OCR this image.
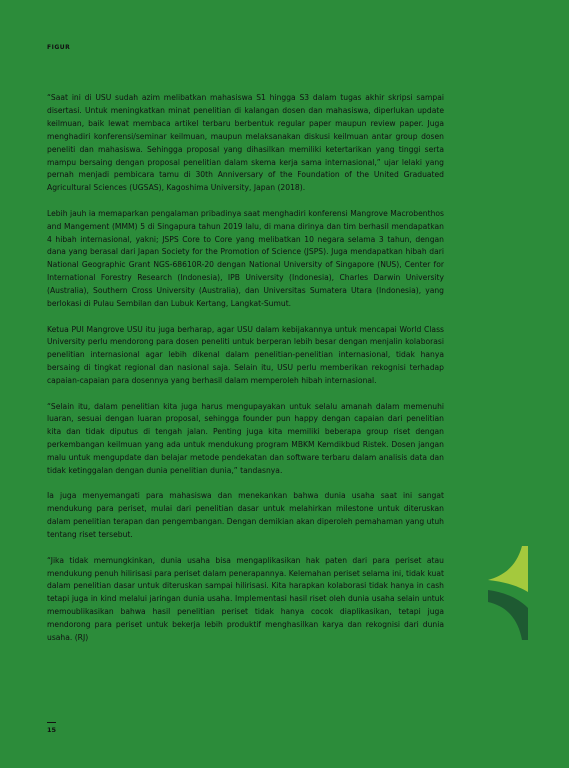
FIGUR

“Saat ini di USU sudah azim melibatkan mahasiswa S1 hingga S3 dalam tugas akhir skripsi sampai disertasi. Untuk meningkatkan minat penelitian di kalangan dosen dan mahasiswa, diperlukan update keilmuan, baik lewat membaca artikel terbaru berbentuk regular paper maupun review paper. Juga menghadiri konferensi/seminar keilmuan, maupun melaksanakan diskusi keilmuan antar group dosen peneliti dan mahasiswa. Sehingga proposal yang dihasilkan memiliki ketertarikan yang tinggi serta mampu bersaing dengan proposal penelitian dalam skema kerja sama internasional,” ujar lelaki yang pernah menjadi pembicara tamu di 30th Anniversary of the Foundation of the United Graduated Agricultural Sciences (UGSAS), Kagoshima University, Japan (2018).

Lebih jauh ia memaparkan pengalaman pribadinya saat menghadiri konferensi Mangrove Macrobenthos and Mangement (MMM) 5 di Singapura tahun 2019 lalu, di mana dirinya dan tim berhasil mendapatkan 4 hibah internasional, yakni; JSPS Core to Core yang melibatkan 10 negara selama 3 tahun, dengan dana yang berasal dari Japan Society for the Promotion of Science (JSPS). Juga mendapatkan hibah dari National Geographic Grant NGS-68610R-20 dengan National University of Singapore (NUS), Center for International Forestry Research (Indonesia), IPB University (Indonesia), Charles Darwin University (Australia), Southern Cross University (Australia), dan Universitas Sumatera Utara (Indonesia), yang berlokasi di Pulau Sembilan dan Lubuk Kertang, Langkat-Sumut.

Ketua PUI Mangrove USU itu juga berharap, agar USU dalam kebijakannya untuk mencapai World Class University perlu mendorong para dosen peneliti untuk berperan lebih besar dengan menjalin kolaborasi penelitian internasional agar lebih dikenal dalam penelitian-penelitian internasional, tidak hanya bersaing di tingkat regional dan nasional saja. Selain itu, USU perlu memberikan rekognisi terhadap capaian-capaian para dosennya yang berhasil dalam memperoleh hibah internasional.

“Selain itu, dalam penelitian kita juga harus mengupayakan untuk selalu amanah dalam memenuhi luaran, sesuai dengan luaran proposal, sehingga founder pun happy dengan capaian dari penelitian kita dan tidak diputus di tengah jalan. Penting juga kita memiliki beberapa group riset dengan perkembangan keilmuan yang ada untuk mendukung program MBKM Kemdikbud Ristek. Dosen jangan malu untuk mengupdate dan belajar metode pendekatan dan software terbaru dalam analisis data dan tidak ketinggalan dengan dunia penelitian dunia,” tandasnya.

Ia juga menyemangati para mahasiswa dan menekankan bahwa dunia usaha saat ini sangat mendukung para periset, mulai dari penelitian dasar untuk melahirkan milestone untuk diteruskan dalam penelitian terapan dan pengembangan. Dengan demikian akan diperoleh pemahaman yang utuh tentang riset tersebut.

“Jika tidak memungkinkan, dunia usaha bisa mengaplikasikan hak paten dari para periset atau mendukung penuh hilirisasi para periset dalam penerapannya. Kelemahan periset selama ini, tidak kuat dalam penelitian dasar untuk diteruskan sampai hilirisasi. Kita harapkan kolaborasi tidak hanya in cash tetapi juga in kind melalui jaringan dunia usaha. Implementasi hasil riset oleh dunia usaha selain untuk memoublikasikan bahwa hasil penelitian periset tidak hanya cocok diaplikasikan, tetapi juga mendorong para periset untuk bekerja lebih produktif menghasilkan karya dan rekognisi dari dunia usaha. (RJ)

15
